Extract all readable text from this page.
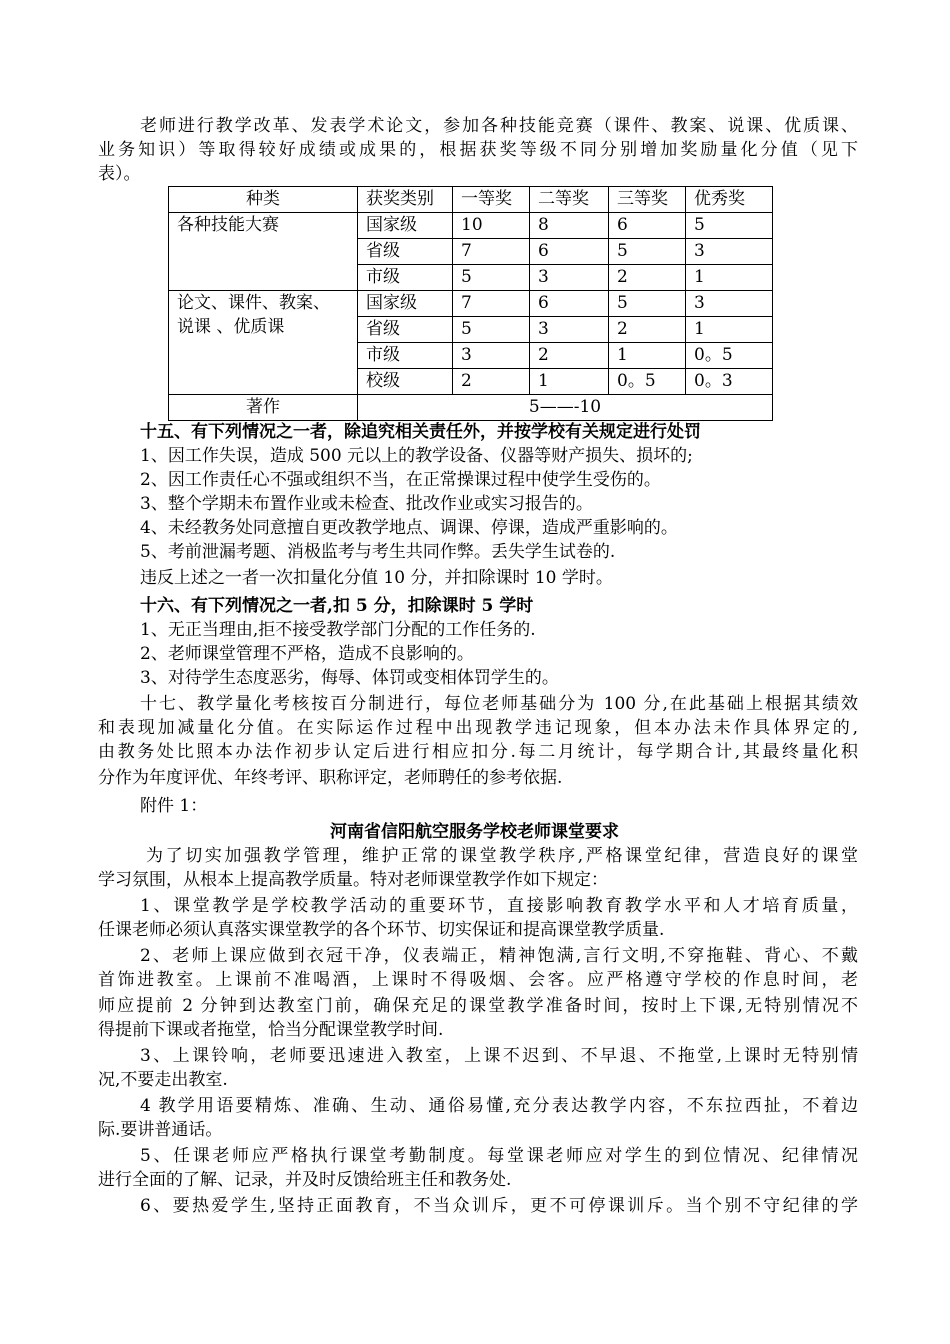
老师进行教学改革、发表学术论文，参加各种技能竞赛（课件、教案、说课、优质课、
业务知识）等取得较好成绩或成果的，根据获奖等级不同分别增加奖励量化分值（见下
表）。
种类	获奖类别	一等奖	二等奖	三等奖	优秀奖
各种技能大赛	国家级	10	8	6	5
	省级	7	6	5	3
	市级	5	3	2	1

论文、课件、教案、
说课 、优质课	国家级	7	6	5	3
	省级	5	3	2	1
	市级	3	2	1	0。5
	校级	2	1	0。5	0。3
著作	5——-10				
十五、有下列情况之一者，除追究相关责任外，并按学校有关规定进行处罚
1、因工作失误，造成 500 元以上的教学设备、仪器等财产损失、损坏的;
2、因工作责任心不强或组织不当，在正常操课过程中使学生受伤的。
3、整个学期未布置作业或未检查、批改作业或实习报告的。
4、未经教务处同意擅自更改教学地点、调课、停课，造成严重影响的。
5、考前泄漏考题、消极监考与考生共同作弊。丢失学生试卷的.
违反上述之一者一次扣量化分值 10 分，并扣除课时 10 学时。
十六、有下列情况之一者,扣 5 分，扣除课时 5 学时
1、无正当理由,拒不接受教学部门分配的工作任务的.
2、老师课堂管理不严格，造成不良影响的。
3、对待学生态度恶劣，侮辱、体罚或变相体罚学生的。
十七、教学量化考核按百分制进行，每位老师基础分为 100 分,在此基础上根据其绩效
和表现加减量化分值。在实际运作过程中出现教学违记现象，但本办法未作具体界定的,
由教务处比照本办法作初步认定后进行相应扣分.每二月统计，每学期合计,其最终量化积
分作为年度评优、年终考评、职称评定，老师聘任的参考依据.
附件 1：
河南省信阳航空服务学校老师课堂要求
为了切实加强教学管理，维护正常的课堂教学秩序,严格课堂纪律，营造良好的课堂
学习氛围，从根本上提高教学质量。特对老师课堂教学作如下规定：
1、课堂教学是学校教学活动的重要环节，直接影响教育教学水平和人才培育质量，
任课老师必须认真落实课堂教学的各个环节、切实保证和提高课堂教学质量.
2、老师上课应做到衣冠干净，仪表端正，精神饱满,言行文明,不穿拖鞋、背心、不戴
首饰进教室。上课前不准喝酒，上课时不得吸烟、会客。应严格遵守学校的作息时间，老
师应提前 2 分钟到达教室门前，确保充足的课堂教学准备时间，按时上下课,无特别情况不
得提前下课或者拖堂，恰当分配课堂教学时间.
3、上课铃响，老师要迅速进入教室，上课不迟到、不早退、不拖堂,上课时无特别情
况,不要走出教室.
4 教学用语要精炼、准确、生动、通俗易懂,充分表达教学内容，不东拉西扯，不着边
际.要讲普通话。
5、任课老师应严格执行课堂考勤制度。每堂课老师应对学生的到位情况、纪律情况
进行全面的了解、记录，并及时反馈给班主任和教务处.
6、要热爱学生,坚持正面教育，不当众训斥，更不可停课训斥。当个别不守纪律的学
